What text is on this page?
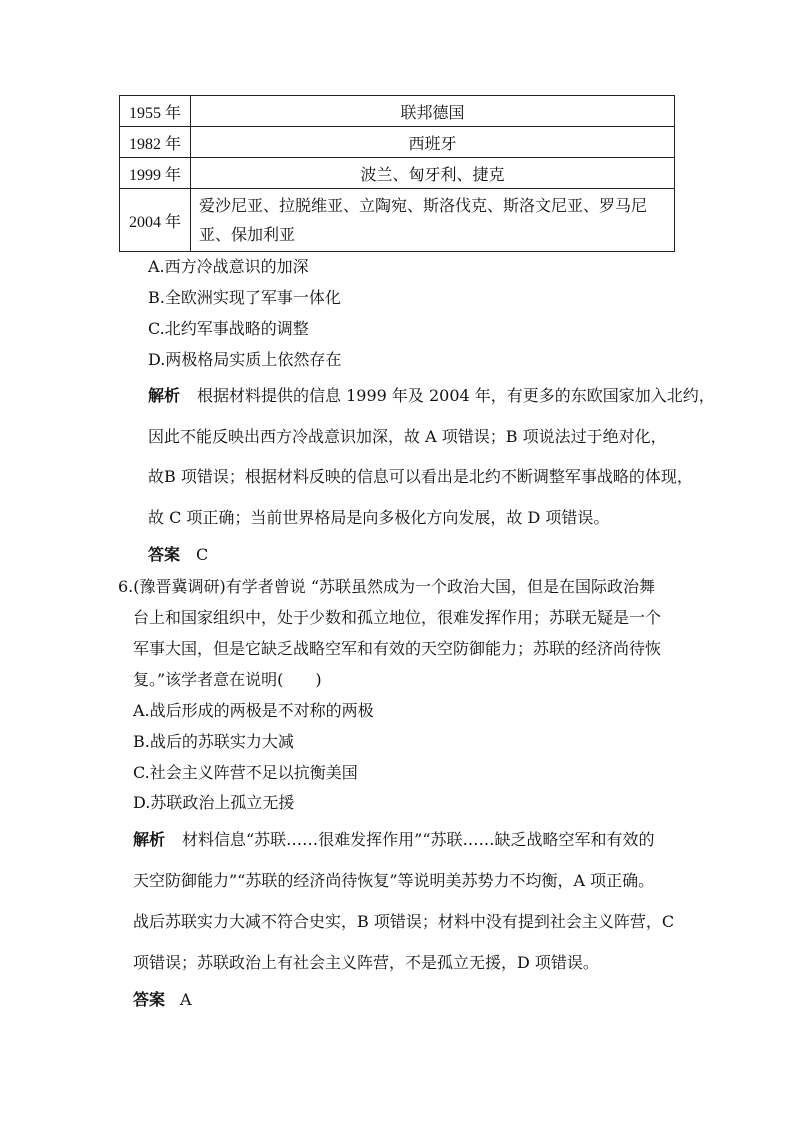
1955 年	联邦德国
1982 年	西班牙
1999 年	波兰、匈牙利、捷克
2004 年	爱沙尼亚、拉脱维亚、立陶宛、斯洛伐克、斯洛文尼亚、罗马尼亚、保加利亚
A.西方冷战意识的加深
B.全欧洲实现了军事一体化
C.北约军事战略的调整
D.两极格局实质上依然存在
解析 根据材料提供的信息 1999 年及 2004 年，有更多的东欧国家加入北约，
因此不能反映出西方冷战意识加深，故 A 项错误；B 项说法过于绝对化，
故B 项错误；根据材料反映的信息可以看出是北约不断调整军事战略的体现，
故 C 项正确；当前世界格局是向多极化方向发展，故 D 项错误。
答案 C
6.(豫晋冀调研)有学者曾说 “苏联虽然成为一个政治大国，但是在国际政治舞
台上和国家组织中，处于少数和孤立地位，很难发挥作用；苏联无疑是一个
军事大国，但是它缺乏战略空军和有效的天空防御能力；苏联的经济尚待恢
复。”该学者意在说明(　　)
A.战后形成的两极是不对称的两极
B.战后的苏联实力大减
C.社会主义阵营不足以抗衡美国
D.苏联政治上孤立无援
解析 材料信息“苏联……很难发挥作用”“苏联……缺乏战略空军和有效的
天空防御能力”“苏联的经济尚待恢复”等说明美苏势力不均衡，A 项正确。
战后苏联实力大减不符合史实，B 项错误；材料中没有提到社会主义阵营，C
项错误；苏联政治上有社会主义阵营，不是孤立无援，D 项错误。
答案 A
